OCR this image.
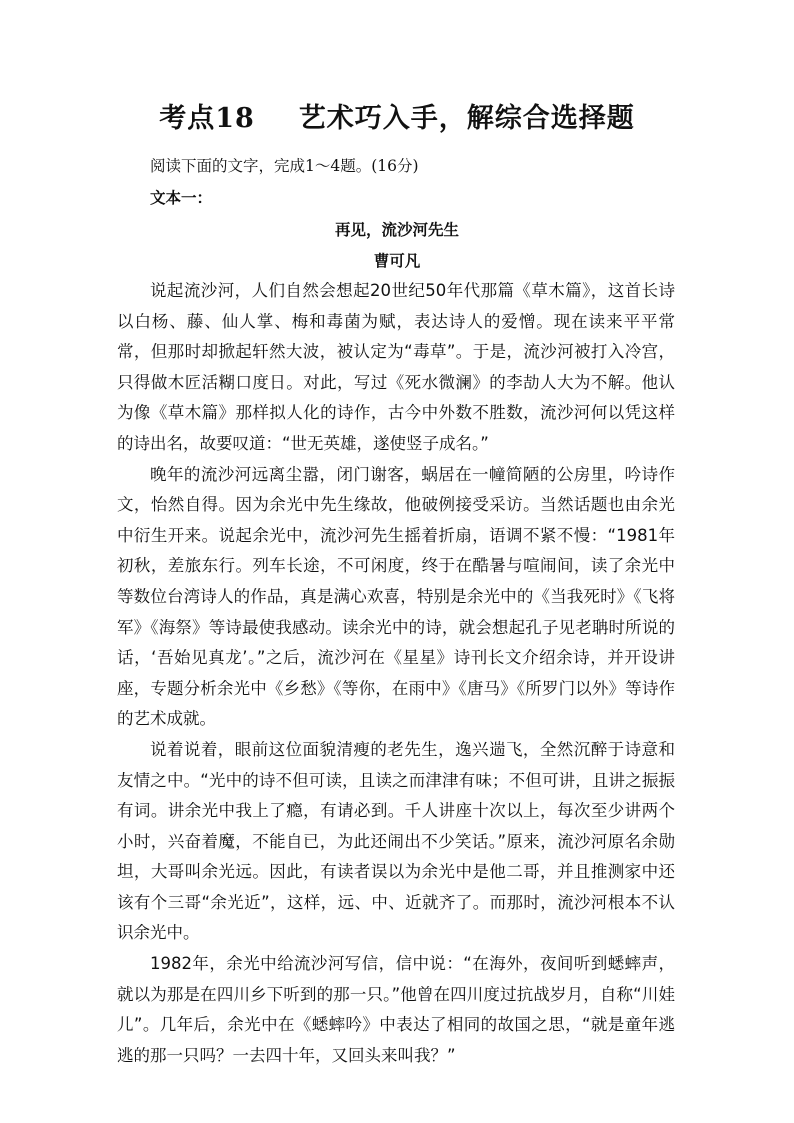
考点18 艺术巧入手，解综合选择题
阅读下面的文字，完成1～4题。(16分)
文本一：
再见，流沙河先生
曹可凡

说起流沙河，人们自然会想起20世纪50年代那篇《草木篇》，这首长诗以白杨、藤、仙人掌、梅和毒菌为赋，表达诗人的爱憎。现在读来平平常常，但那时却掀起轩然大波，被认定为“毒草”。于是，流沙河被打入冷宫，只得做木匠活糊口度日。对此，写过《死水微澜》的李劼人大为不解。他认为像《草木篇》那样拟人化的诗作，古今中外数不胜数，流沙河何以凭这样的诗出名，故要叹道：“世无英雄，遂使竖子成名。”

晚年的流沙河远离尘嚣，闭门谢客，蜗居在一幢简陋的公房里，吟诗作文，怡然自得。因为余光中先生缘故，他破例接受采访。当然话题也由余光中衍生开来。说起余光中，流沙河先生摇着折扇，语调不紧不慢：“1981年初秋，差旅东行。列车长途，不可闲度，终于在酷暑与喧闹间，读了余光中等数位台湾诗人的作品，真是满心欢喜，特别是余光中的《当我死时》《飞将军》《海祭》等诗最使我感动。读余光中的诗，就会想起孔子见老聃时所说的话，‘吾始见真龙’。”之后，流沙河在《星星》诗刊长文介绍余诗，并开设讲座，专题分析余光中《乡愁》《等你，在雨中》《唐马》《所罗门以外》等诗作的艺术成就。

说着说着，眼前这位面貌清瘦的老先生，逸兴遄飞，全然沉醉于诗意和友情之中。“光中的诗不但可读，且读之而津津有味；不但可讲，且讲之振振有词。讲余光中我上了瘾，有请必到。千人讲座十次以上，每次至少讲两个小时，兴奋着魔，不能自已，为此还闹出不少笑话。”原来，流沙河原名余勋坦，大哥叫余光远。因此，有读者误以为余光中是他二哥，并且推测家中还该有个三哥“余光近”，这样，远、中、近就齐了。而那时，流沙河根本不认识余光中。

1982年，余光中给流沙河写信，信中说：“在海外，夜间听到蟋蟀声，就以为那是在四川乡下听到的那一只。”他曾在四川度过抗战岁月，自称“川娃儿”。几年后，余光中在《蟋蟀吟》中表达了相同的故国之思，“就是童年逃逃的那一只吗？一去四十年，又回头来叫我？”
